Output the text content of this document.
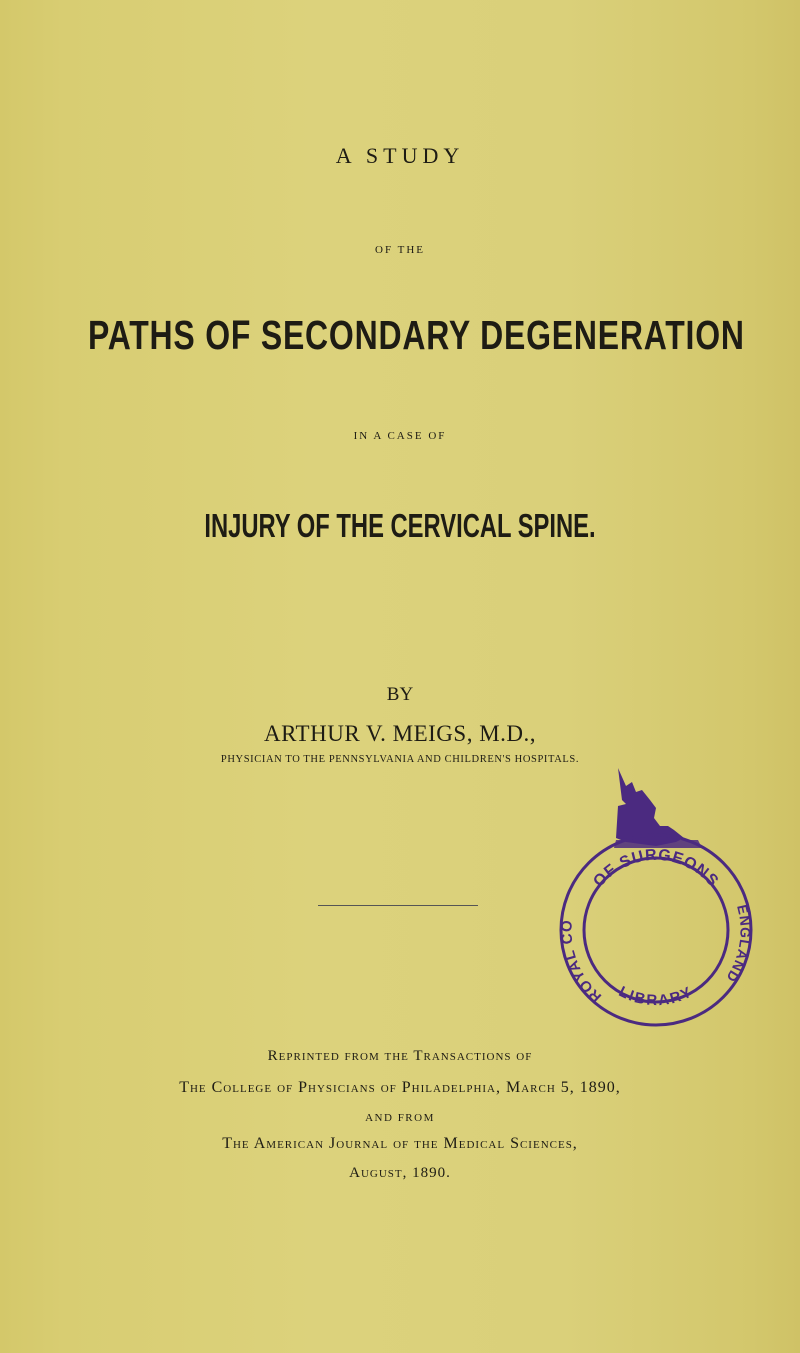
A STUDY
OF THE
PATHS OF SECONDARY DEGENERATION
IN A CASE OF
INJURY OF THE CERVICAL SPINE.
BY
ARTHUR V. MEIGS, M.D.,
PHYSICIAN TO THE PENNSYLVANIA AND CHILDREN'S HOSPITALS.
OF SURGEONS
ROYAL CO
ENGLAND
LIBRARY
Reprinted from the Transactions of
The College of Physicians of Philadelphia, March 5, 1890,
AND FROM
The American Journal of the Medical Sciences,
August, 1890.
